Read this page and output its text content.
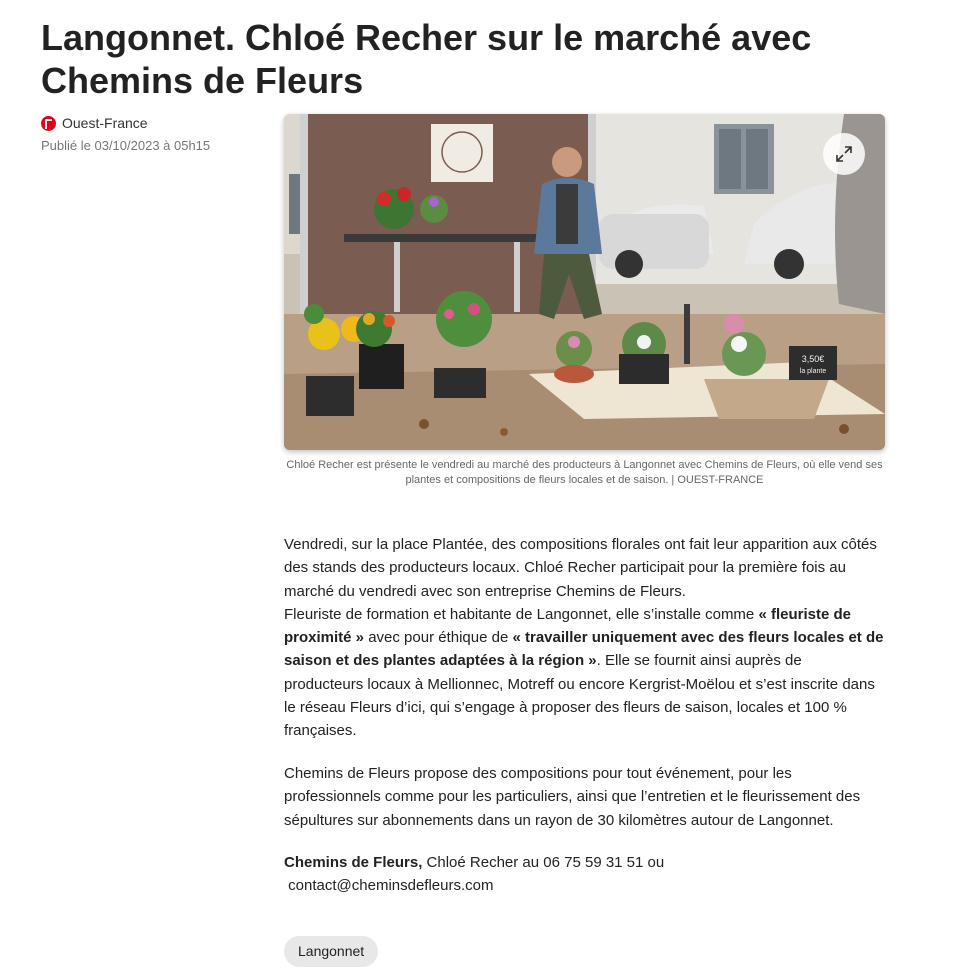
Langonnet. Chloé Recher sur le marché avec Chemins de Fleurs
Ouest-France
Publié le 03/10/2023 à 05h15
3,50€
la plante
Chloé Recher est présente le vendredi au marché des producteurs à Langonnet avec Chemins de Fleurs, où elle vend ses plantes et compositions de fleurs locales et de saison. | OUEST-FRANCE

Vendredi, sur la place Plantée, des compositions florales ont fait leur apparition aux côtés des stands des producteurs locaux. Chloé Recher participait pour la première fois au marché du vendredi avec son entreprise Chemins de Fleurs.
Fleuriste de formation et habitante de Langonnet, elle s’installe comme « fleuriste de proximité » avec pour éthique de « travailler uniquement avec des fleurs locales et de saison et des plantes adaptées à la région ». Elle se fournit ainsi auprès de producteurs locaux à Mellionnec, Motreff ou encore Kergrist-Moëlou et s’est inscrite dans le réseau Fleurs d’ici, qui s’engage à proposer des fleurs de saison, locales et 100 % françaises.

Chemins de Fleurs propose des compositions pour tout événement, pour les professionnels comme pour les particuliers, ainsi que l’entretien et le fleurissement des sépultures sur abonnements dans un rayon de 30 kilomètres autour de Langonnet.

Chemins de Fleurs, Chloé Recher au 06 75 59 31 51 ou
contact@cheminsdefleurs.com

Langonnet
